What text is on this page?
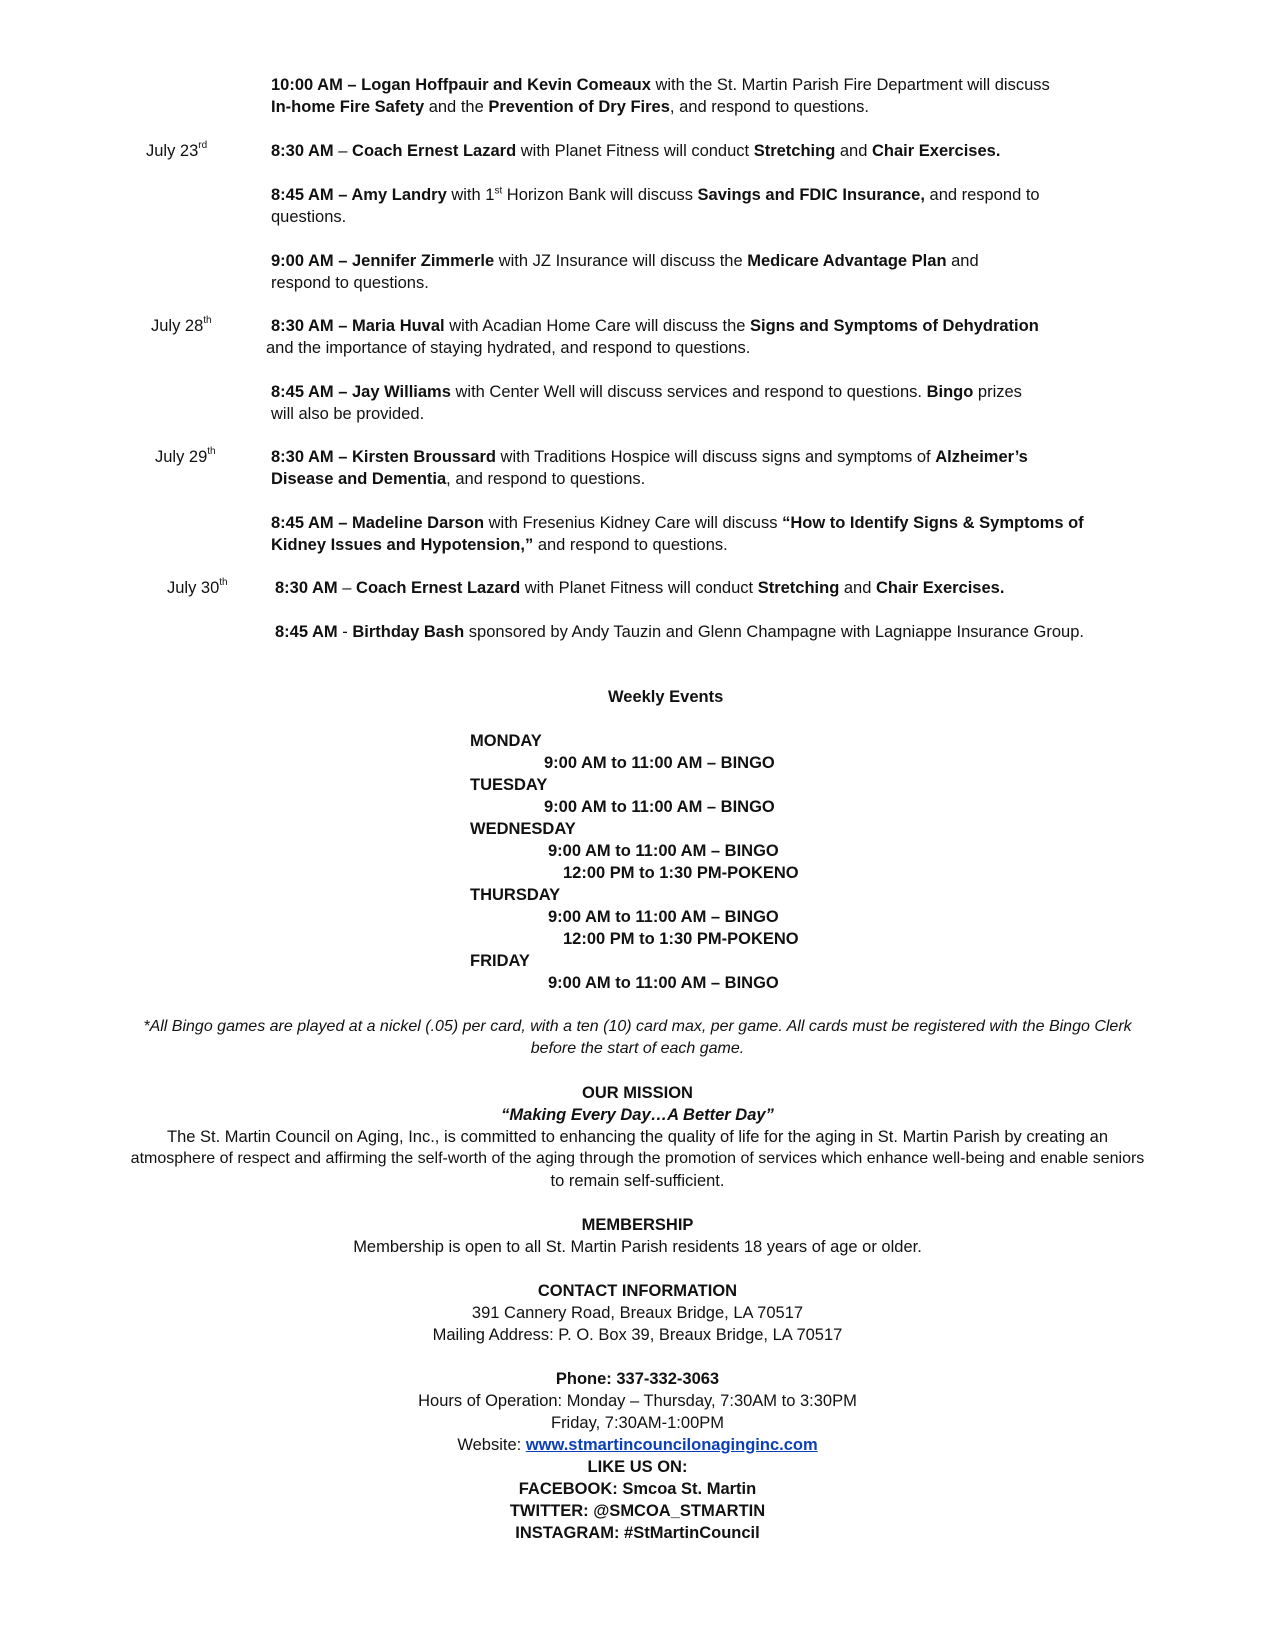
10:00 AM – Logan Hoffpauir and Kevin Comeaux with the St. Martin Parish Fire Department will discuss
In-home Fire Safety and the Prevention of Dry Fires, and respond to questions.
July 23rd	8:30 AM – Coach Ernest Lazard with Planet Fitness will conduct Stretching and Chair Exercises.
8:45 AM – Amy Landry with 1st Horizon Bank will discuss Savings and FDIC Insurance, and respond to questions.
9:00 AM – Jennifer Zimmerle with JZ Insurance will discuss the Medicare Advantage Plan and respond to questions.
July 28th	8:30 AM – Maria Huval with Acadian Home Care will discuss the Signs and Symptoms of Dehydration
and the importance of staying hydrated, and respond to questions.
8:45 AM – Jay Williams with Center Well will discuss services and respond to questions. Bingo prizes will also be provided.
July 29th	8:30 AM – Kirsten Broussard with Traditions Hospice will discuss signs and symptoms of Alzheimer’s Disease and Dementia, and respond to questions.
8:45 AM – Madeline Darson with Fresenius Kidney Care will discuss “How to Identify Signs & Symptoms of Kidney Issues and Hypotension,” and respond to questions.
July 30th	8:30 AM – Coach Ernest Lazard with Planet Fitness will conduct Stretching and Chair Exercises.
8:45 AM - Birthday Bash sponsored by Andy Tauzin and Glenn Champagne with Lagniappe Insurance Group.
Weekly Events
MONDAY
9:00 AM to 11:00 AM – BINGO
TUESDAY
9:00 AM to 11:00 AM – BINGO
WEDNESDAY
9:00 AM to 11:00 AM – BINGO
12:00 PM to 1:30 PM-POKENO
THURSDAY
9:00 AM to 11:00 AM – BINGO
12:00 PM to 1:30 PM-POKENO
FRIDAY
9:00 AM to 11:00 AM – BINGO
*All Bingo games are played at a nickel (.05) per card, with a ten (10) card max, per game. All cards must be registered with the Bingo Clerk
before the start of each game.
OUR MISSION
“Making Every Day…A Better Day”
The St. Martin Council on Aging, Inc., is committed to enhancing the quality of life for the aging in St. Martin Parish by creating an
atmosphere of respect and affirming the self-worth of the aging through the promotion of services which enhance well-being and enable seniors
to remain self-sufficient.
MEMBERSHIP
Membership is open to all St. Martin Parish residents 18 years of age or older.
CONTACT INFORMATION
391 Cannery Road, Breaux Bridge, LA 70517
Mailing Address: P. O. Box 39, Breaux Bridge, LA 70517
Phone: 337-332-3063
Hours of Operation: Monday – Thursday, 7:30AM to 3:30PM
Friday, 7:30AM-1:00PM
Website: www.stmartincouncilonaginginc.com
LIKE US ON:
FACEBOOK: Smcoa St. Martin
TWITTER: @SMCOA_STMARTIN
INSTAGRAM: #StMartinCouncil
